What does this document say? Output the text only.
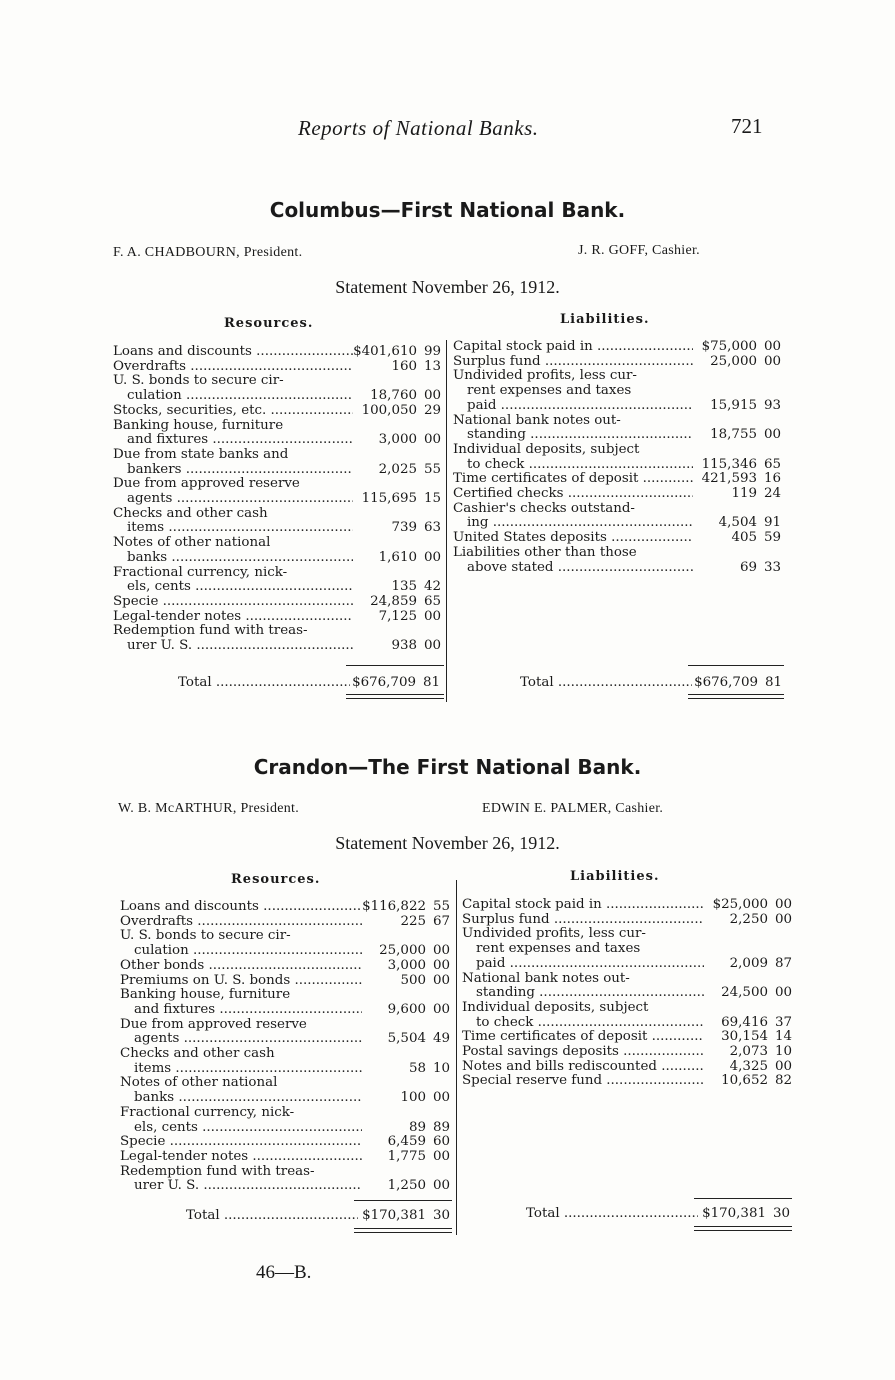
Reports of National Banks.	721
Columbus—First National Bank.
F. A. CHADBOURN, President.	J. R. GOFF, Cashier.
Statement November 26, 1912.
Resources.	Liabilities.
Loans and discounts .....	$401,610 99
Overdrafts .....	160 13
U. S. bonds to secure cir-
culation .....	18,760 00
Stocks, securities, etc. .....	100,050 29
Banking house, furniture
and fixtures .....	3,000 00
Due from state banks and
bankers .....	2,025 55
Due from approved reserve
agents .....	115,695 15
Checks and other cash
items .....	739 63
Notes of other national
banks .....	1,610 00
Fractional currency, nick-
els, cents .....	135 42
Specie .....	24,859 65
Legal-tender notes .....	7,125 00
Redemption fund with treas-
urer U. S. .....	938 00
Capital stock paid in .....	$75,000 00
Surplus fund .....	25,000 00
Undivided profits, less cur-
rent expenses and taxes
paid .....	15,915 93
National bank notes out-
standing .....	18,755 00
Individual deposits, subject
to check .....	115,346 65
Time certificates of deposit .....	421,593 16
Certified checks .....	119 24
Cashier's checks outstand-
ing .....	4,504 91
United States deposits .....	405 59
Liabilities other than those
above stated .....	69 33
Total .....	$676,709 81	Total .....	$676,709 81
Crandon—The First National Bank.
W. B. McARTHUR, President.	EDWIN E. PALMER, Cashier.
Statement November 26, 1912.
Resources.	Liabilities.
Loans and discounts .....	$116,822 55
Overdrafts .....	225 67
U. S. bonds to secure cir-
culation .....	25,000 00
Other bonds .....	3,000 00
Premiums on U. S. bonds .....	500 00
Banking house, furniture
and fixtures .....	9,600 00
Due from approved reserve
agents .....	5,504 49
Checks and other cash
items .....	58 10
Notes of other national
banks .....	100 00
Fractional currency, nick-
els, cents .....	89 89
Specie .....	6,459 60
Legal-tender notes .....	1,775 00
Redemption fund with treas-
urer U. S. .....	1,250 00
Capital stock paid in .....	$25,000 00
Surplus fund .....	2,250 00
Undivided profits, less cur-
rent expenses and taxes
paid .....	2,009 87
National bank notes out-
standing .....	24,500 00
Individual deposits, subject
to check .....	69,416 37
Time certificates of deposit .....	30,154 14
Postal savings deposits .....	2,073 10
Notes and bills rediscounted .....	4,325 00
Special reserve fund .....	10,652 82
Total .....	$170,381 30	Total .....	$170,381 30
46—B.
